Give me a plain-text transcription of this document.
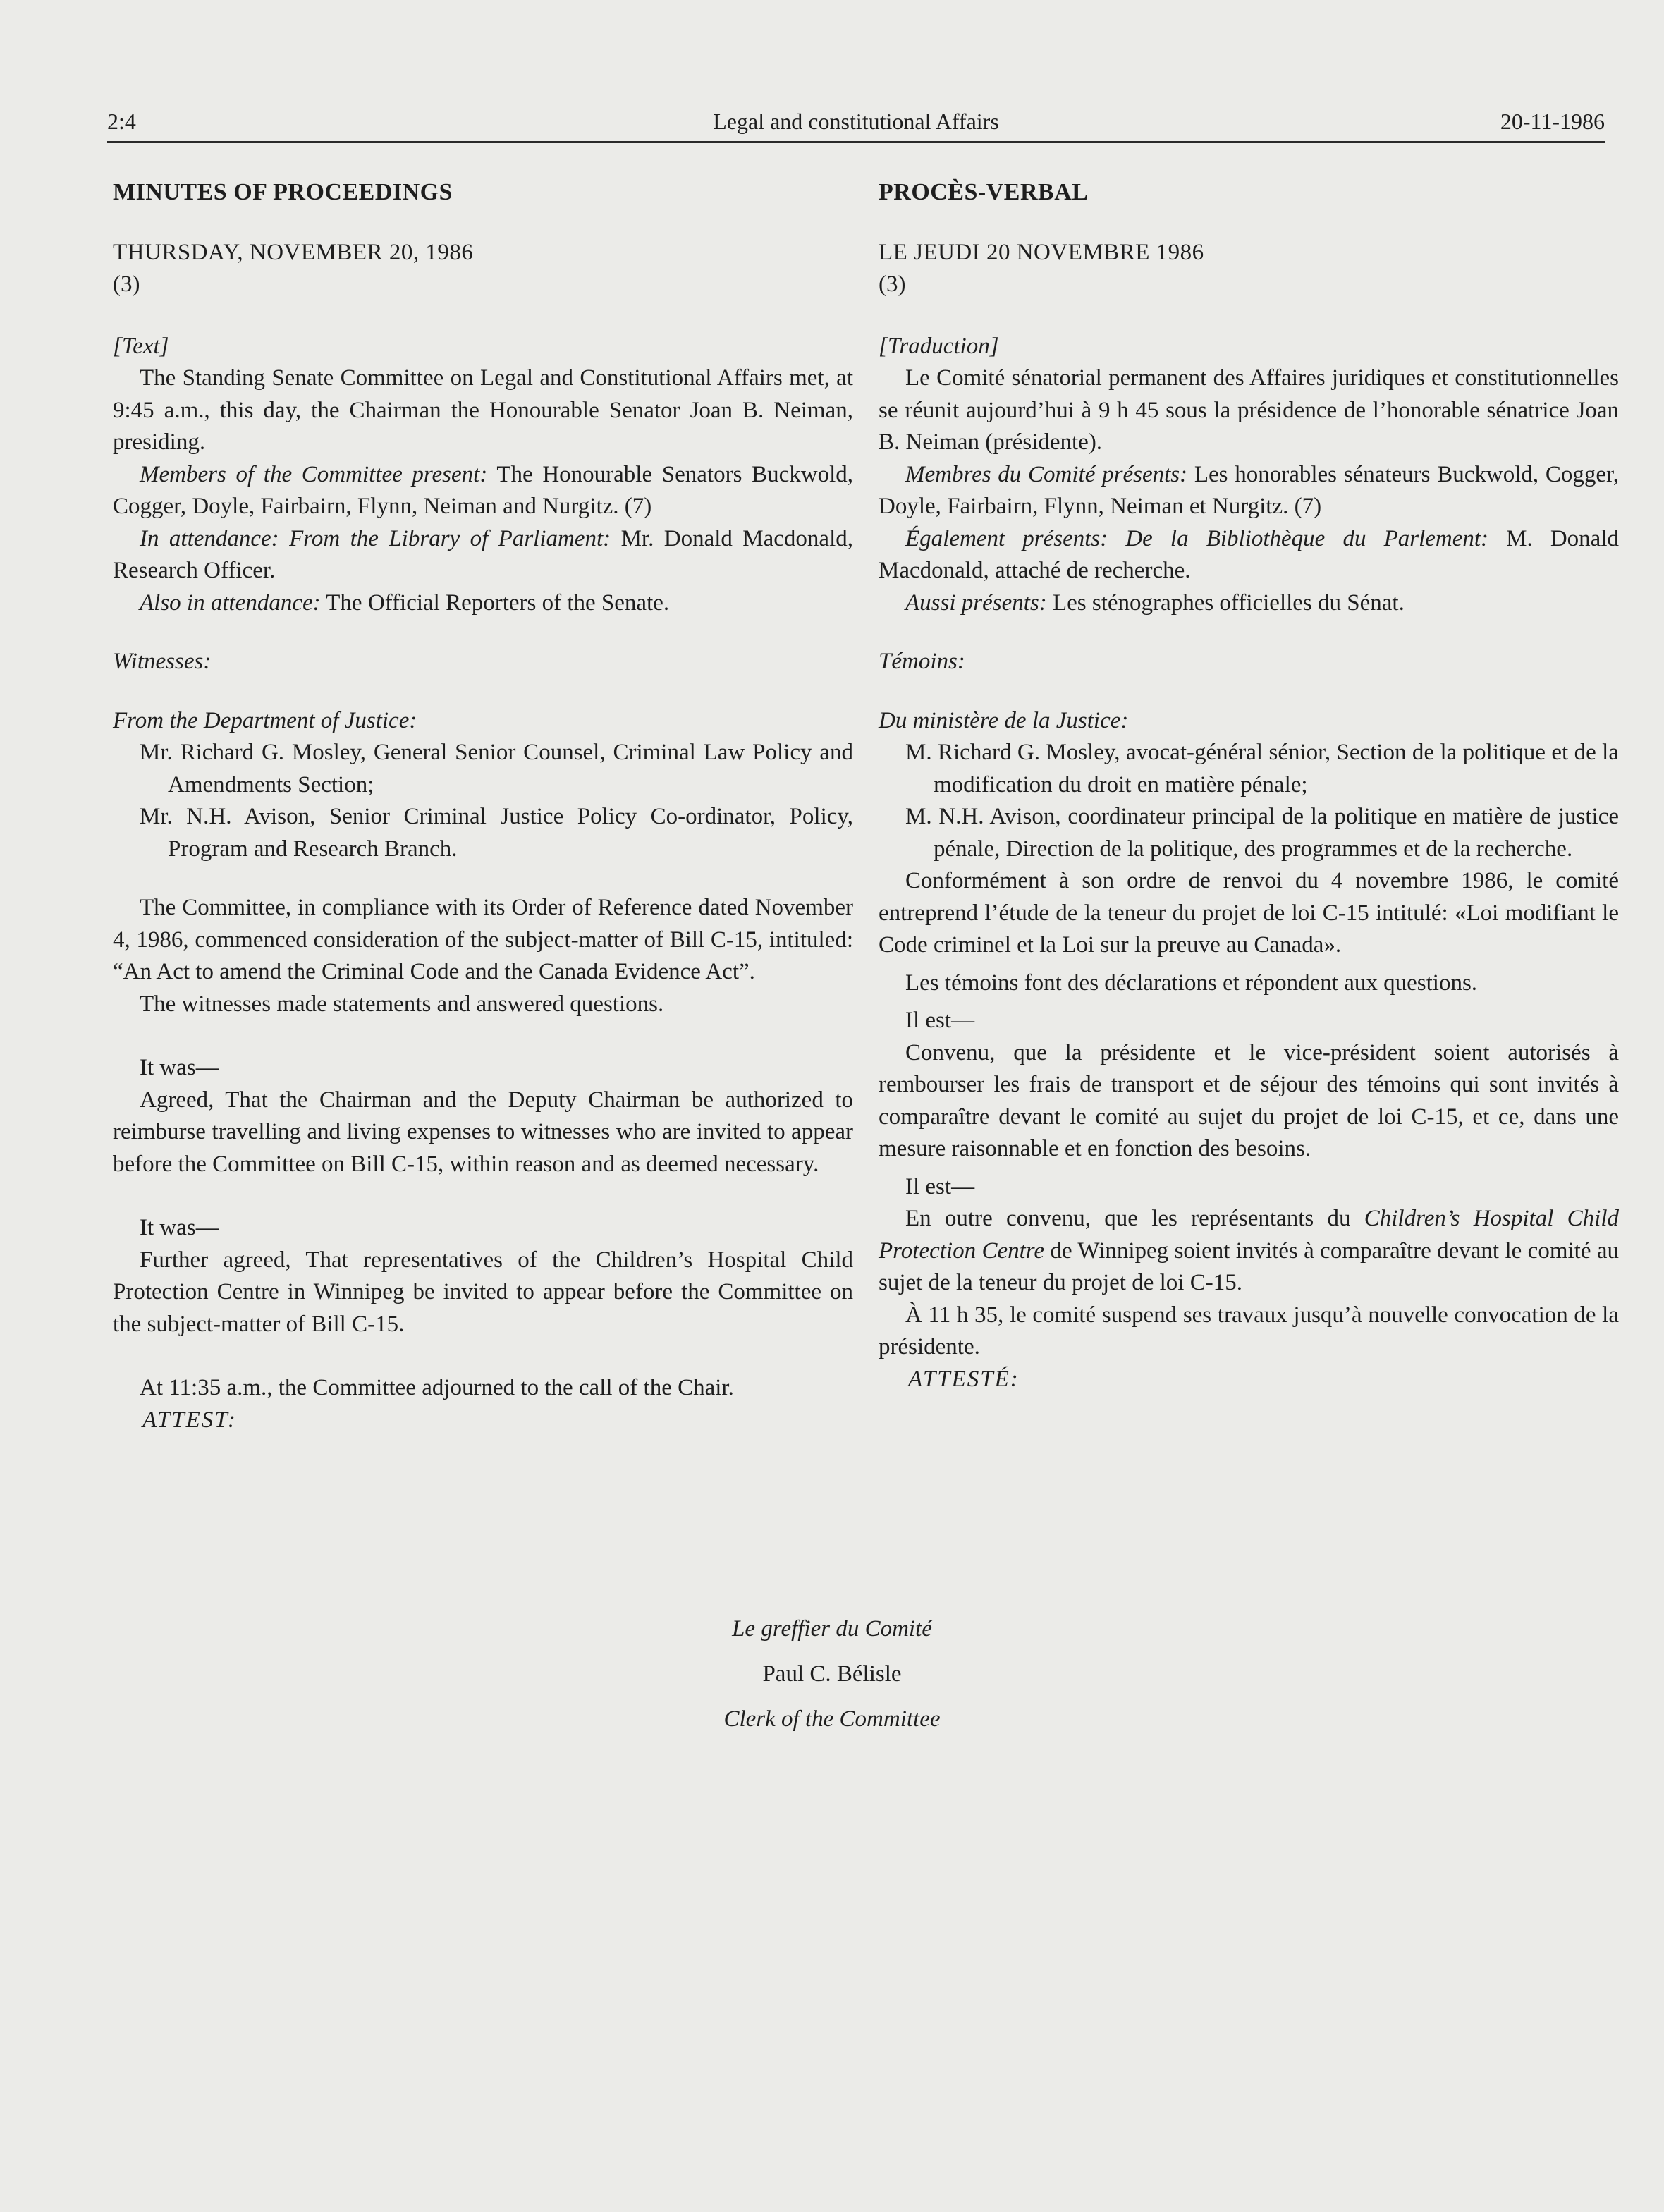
2:4	Legal and constitutional Affairs	20-11-1986
MINUTES OF PROCEEDINGS
THURSDAY, NOVEMBER 20, 1986
(3)
[Text]

The Standing Senate Committee on Legal and Constitutional Affairs met, at 9:45 a.m., this day, the Chairman the Honourable Senator Joan B. Neiman, presiding.

Members of the Committee present: The Honourable Senators Buckwold, Cogger, Doyle, Fairbairn, Flynn, Neiman and Nurgitz. (7)

In attendance: From the Library of Parliament: Mr. Donald Macdonald, Research Officer.

Also in attendance: The Official Reporters of the Senate.

Witnesses:
From the Department of Justice:

Mr. Richard G. Mosley, General Senior Counsel, Criminal Law Policy and Amendments Section;

Mr. N.H. Avison, Senior Criminal Justice Policy Co-ordinator, Policy, Program and Research Branch.

The Committee, in compliance with its Order of Reference dated November 4, 1986, commenced consideration of the subject-matter of Bill C-15, intituled: “An Act to amend the Criminal Code and the Canada Evidence Act”.

The witnesses made statements and answered questions.

It was—

Agreed, That the Chairman and the Deputy Chairman be authorized to reimburse travelling and living expenses to witnesses who are invited to appear before the Committee on Bill C-15, within reason and as deemed necessary.

It was—

Further agreed, That representatives of the Children’s Hospital Child Protection Centre in Winnipeg be invited to appear before the Committee on the subject-matter of Bill C-15.

At 11:35 a.m., the Committee adjourned to the call of the Chair.

ATTEST:
PROCÈS-VERBAL
LE JEUDI 20 NOVEMBRE 1986
(3)
[Traduction]

Le Comité sénatorial permanent des Affaires juridiques et constitutionnelles se réunit aujourd’hui à 9 h 45 sous la présidence de l’honorable sénatrice Joan B. Neiman (présidente).

Membres du Comité présents: Les honorables sénateurs Buckwold, Cogger, Doyle, Fairbairn, Flynn, Neiman et Nurgitz. (7)

Également présents: De la Bibliothèque du Parlement: M. Donald Macdonald, attaché de recherche.

Aussi présents: Les sténographes officielles du Sénat.

Témoins:
Du ministère de la Justice:

M. Richard G. Mosley, avocat-général sénior, Section de la politique et de la modification du droit en matière pénale;

M. N.H. Avison, coordinateur principal de la politique en matière de justice pénale, Direction de la politique, des programmes et de la recherche.

Conformément à son ordre de renvoi du 4 novembre 1986, le comité entreprend l’étude de la teneur du projet de loi C-15 intitulé: «Loi modifiant le Code criminel et la Loi sur la preuve au Canada».

Les témoins font des déclarations et répondent aux questions.

Il est—

Convenu, que la présidente et le vice-président soient autorisés à rembourser les frais de transport et de séjour des témoins qui sont invités à comparaître devant le comité au sujet du projet de loi C-15, et ce, dans une mesure raisonnable et en fonction des besoins.

Il est—

En outre convenu, que les représentants du Children’s Hospital Child Protection Centre de Winnipeg soient invités à comparaître devant le comité au sujet de la teneur du projet de loi C-15.

À 11 h 35, le comité suspend ses travaux jusqu’à nouvelle convocation de la présidente.

ATTESTÉ:
Le greffier du Comité
Paul C. Bélisle
Clerk of the Committee
